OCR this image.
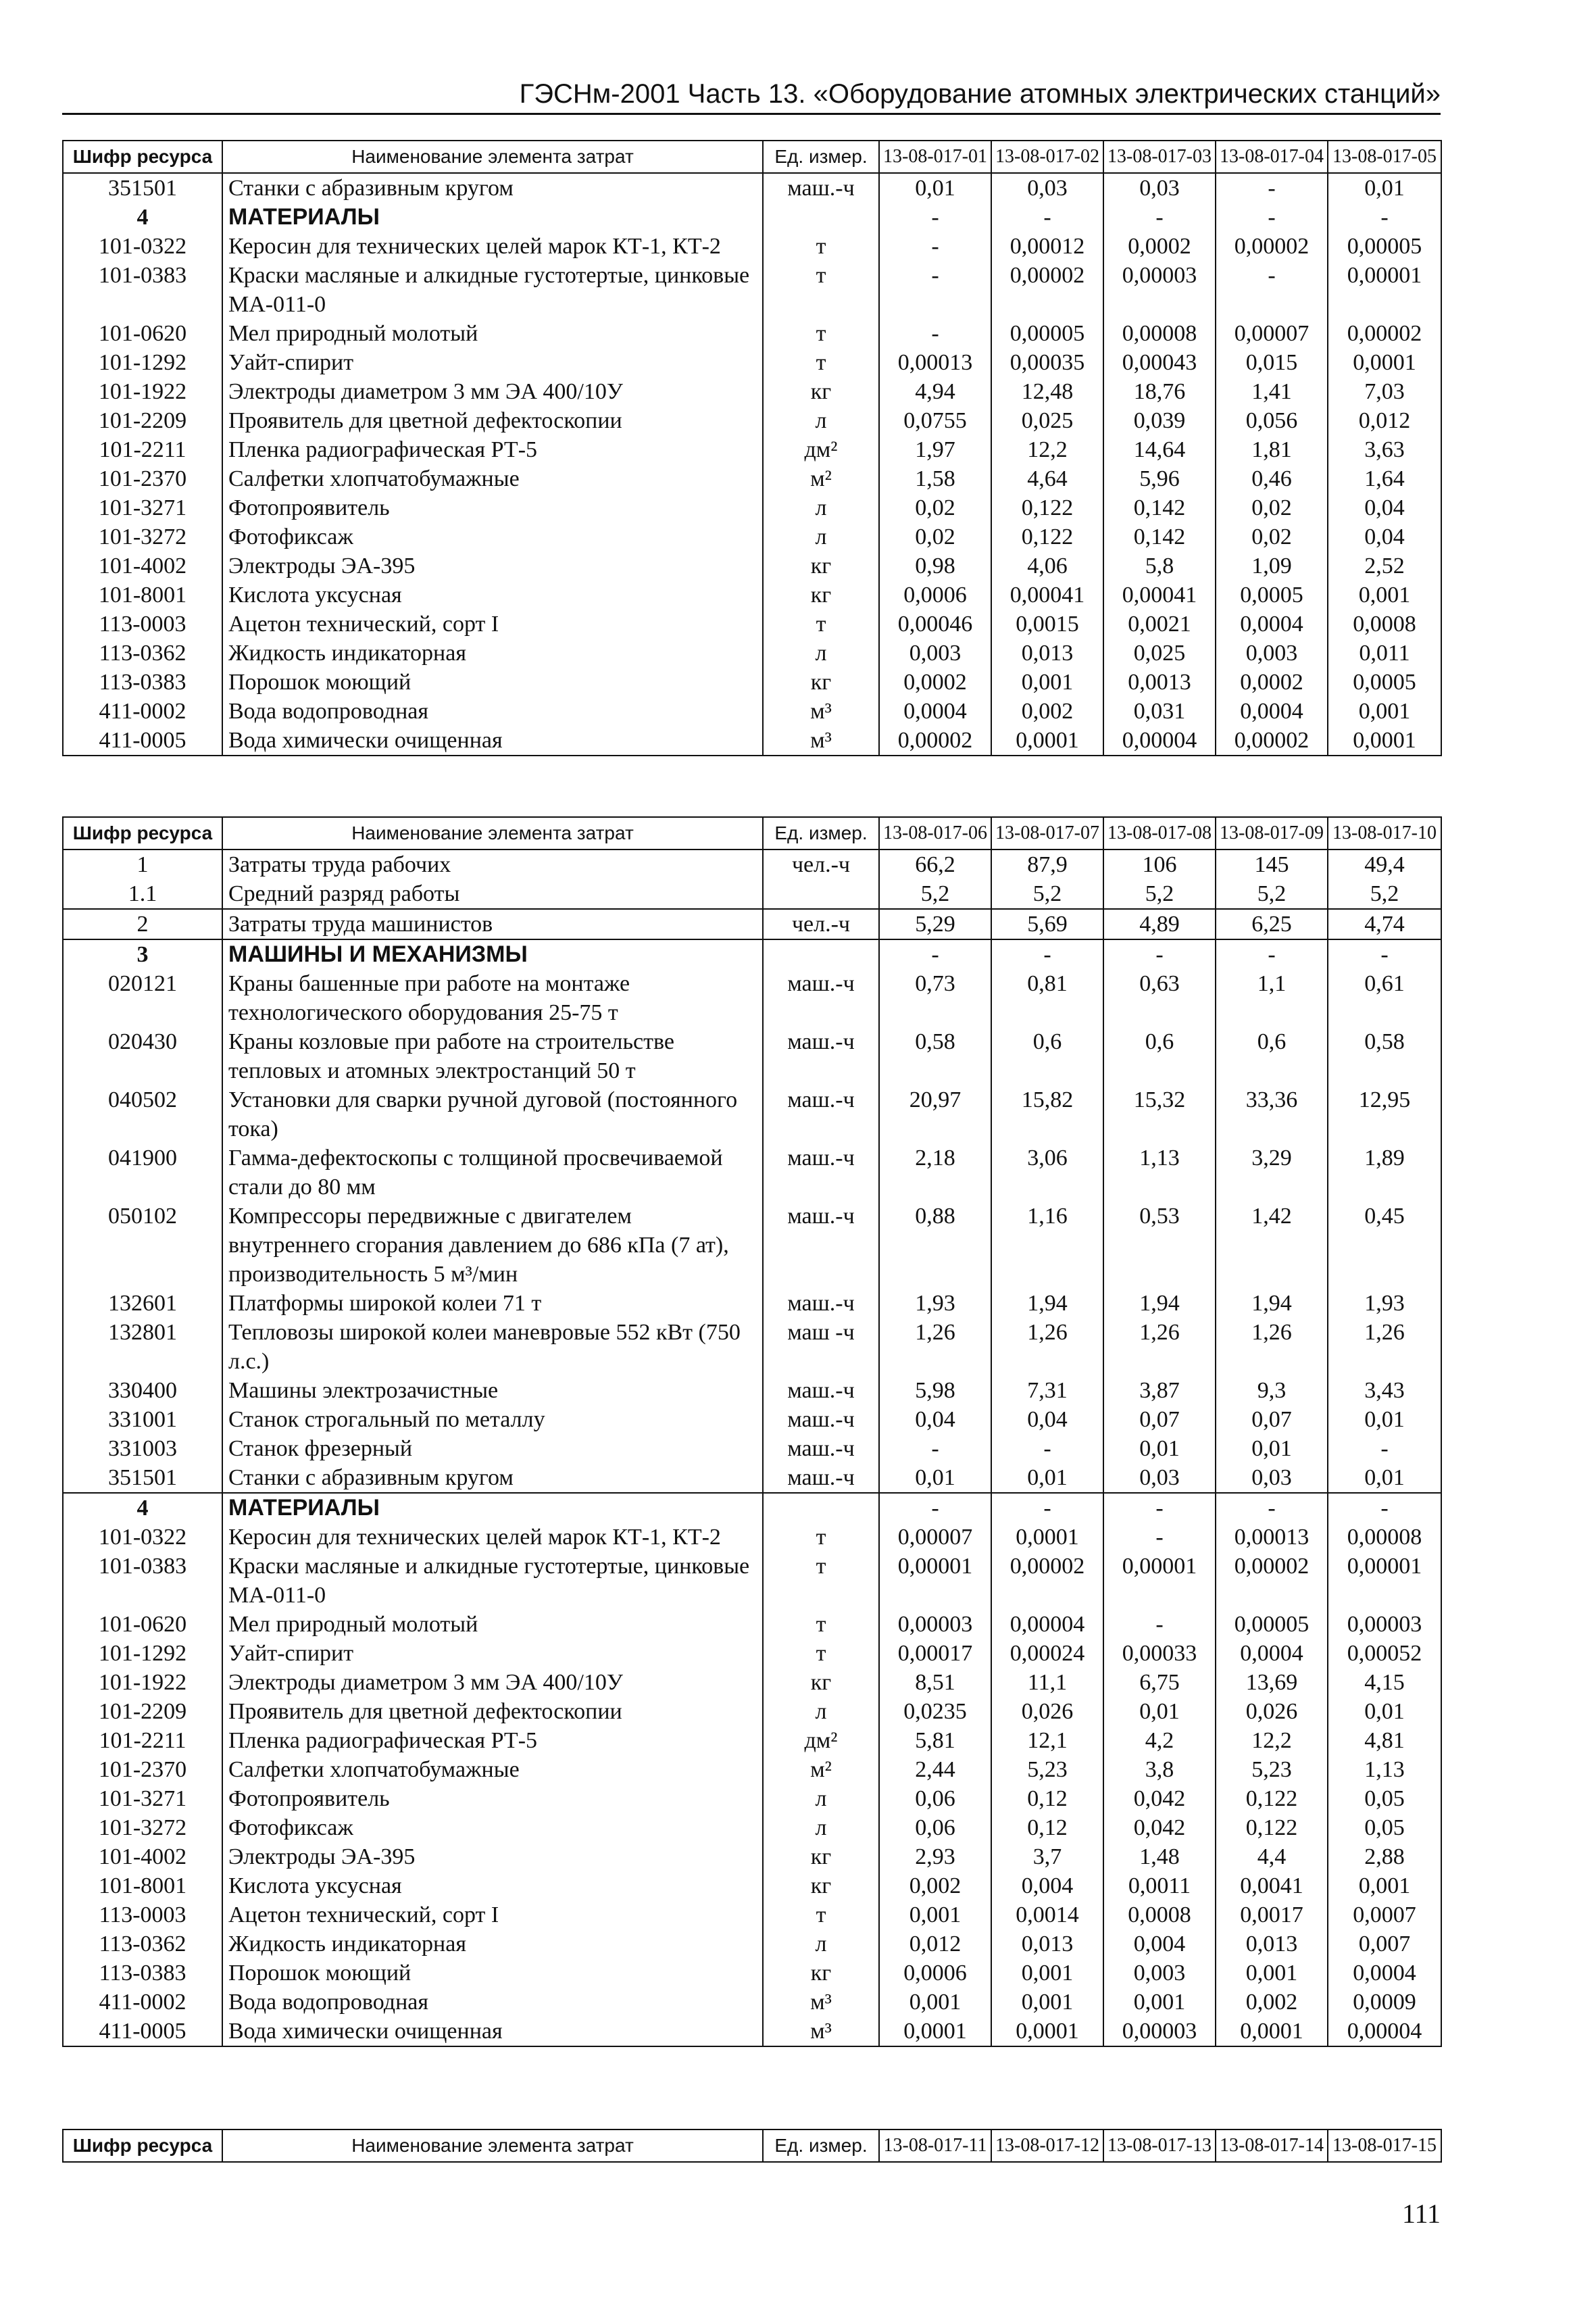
ГЭСНм-2001 Часть 13. «Оборудование атомных электрических станций»
Шифр ресурса	Наименование элемента затрат	Ед. измер.	13-08-017-01	13-08-017-02	13-08-017-03	13-08-017-04	13-08-017-05
351501	Станки с абразивным кругом	маш.-ч	0,01	0,03	0,03	-	0,01
4	МАТЕРИАЛЫ		-	-	-	-	-
101-0322	Керосин для технических целей марок КТ-1, КТ-2	т	-	0,00012	0,0002	0,00002	0,00005
101-0383	Краски масляные и алкидные густотертые, цинковые МА-011-0	т	-	0,00002	0,00003	-	0,00001
101-0620	Мел природный молотый	т	-	0,00005	0,00008	0,00007	0,00002
101-1292	Уайт-спирит	т	0,00013	0,00035	0,00043	0,015	0,0001
101-1922	Электроды диаметром 3 мм ЭА 400/10У	кг	4,94	12,48	18,76	1,41	7,03
101-2209	Проявитель для цветной дефектоскопии	л	0,0755	0,025	0,039	0,056	0,012
101-2211	Пленка радиографическая РТ-5	дм²	1,97	12,2	14,64	1,81	3,63
101-2370	Салфетки хлопчатобумажные	м²	1,58	4,64	5,96	0,46	1,64
101-3271	Фотопроявитель	л	0,02	0,122	0,142	0,02	0,04
101-3272	Фотофиксаж	л	0,02	0,122	0,142	0,02	0,04
101-4002	Электроды ЭА-395	кг	0,98	4,06	5,8	1,09	2,52
101-8001	Кислота уксусная	кг	0,0006	0,00041	0,00041	0,0005	0,001
113-0003	Ацетон технический, сорт I	т	0,00046	0,0015	0,0021	0,0004	0,0008
113-0362	Жидкость индикаторная	л	0,003	0,013	0,025	0,003	0,011
113-0383	Порошок моющий	кг	0,0002	0,001	0,0013	0,0002	0,0005
411-0002	Вода водопроводная	м³	0,0004	0,002	0,031	0,0004	0,001
411-0005	Вода химически очищенная	м³	0,00002	0,0001	0,00004	0,00002	0,0001
Шифр ресурса	Наименование элемента затрат	Ед. измер.	13-08-017-06	13-08-017-07	13-08-017-08	13-08-017-09	13-08-017-10
1	Затраты труда рабочих	чел.-ч	66,2	87,9	106	145	49,4
1.1	Средний разряд работы		5,2	5,2	5,2	5,2	5,2
2	Затраты труда машинистов	чел.-ч	5,29	5,69	4,89	6,25	4,74
3	МАШИНЫ И МЕХАНИЗМЫ		-	-	-	-	-
020121	Краны башенные при работе на монтаже технологического оборудования 25-75 т	маш.-ч	0,73	0,81	0,63	1,1	0,61
020430	Краны козловые при работе на строительстве тепловых и атомных электростанций 50 т	маш.-ч	0,58	0,6	0,6	0,6	0,58
040502	Установки для сварки ручной дуговой (постоянного тока)	маш.-ч	20,97	15,82	15,32	33,36	12,95
041900	Гамма-дефектоскопы с толщиной просвечиваемой стали до 80 мм	маш.-ч	2,18	3,06	1,13	3,29	1,89
050102	Компрессоры передвижные с двигателем внутреннего сгорания давлением до 686 кПа (7 ат), производительность 5 м³/мин	маш.-ч	0,88	1,16	0,53	1,42	0,45
132601	Платформы широкой колеи 71 т	маш.-ч	1,93	1,94	1,94	1,94	1,93
132801	Тепловозы широкой колеи маневровые 552 кВт (750 л.с.)	маш -ч	1,26	1,26	1,26	1,26	1,26
330400	Машины электрозачистные	маш.-ч	5,98	7,31	3,87	9,3	3,43
331001	Станок строгальный по металлу	маш.-ч	0,04	0,04	0,07	0,07	0,01
331003	Станок фрезерный	маш.-ч	-	-	0,01	0,01	-
351501	Станки с абразивным кругом	маш.-ч	0,01	0,01	0,03	0,03	0,01
4	МАТЕРИАЛЫ		-	-	-	-	-
101-0322	Керосин для технических целей марок КТ-1, КТ-2	т	0,00007	0,0001	-	0,00013	0,00008
101-0383	Краски масляные и алкидные густотертые, цинковые МА-011-0	т	0,00001	0,00002	0,00001	0,00002	0,00001
101-0620	Мел природный молотый	т	0,00003	0,00004	-	0,00005	0,00003
101-1292	Уайт-спирит	т	0,00017	0,00024	0,00033	0,0004	0,00052
101-1922	Электроды диаметром 3 мм ЭА 400/10У	кг	8,51	11,1	6,75	13,69	4,15
101-2209	Проявитель для цветной дефектоскопии	л	0,0235	0,026	0,01	0,026	0,01
101-2211	Пленка радиографическая РТ-5	дм²	5,81	12,1	4,2	12,2	4,81
101-2370	Салфетки хлопчатобумажные	м²	2,44	5,23	3,8	5,23	1,13
101-3271	Фотопроявитель	л	0,06	0,12	0,042	0,122	0,05
101-3272	Фотофиксаж	л	0,06	0,12	0,042	0,122	0,05
101-4002	Электроды ЭА-395	кг	2,93	3,7	1,48	4,4	2,88
101-8001	Кислота уксусная	кг	0,002	0,004	0,0011	0,0041	0,001
113-0003	Ацетон технический, сорт I	т	0,001	0,0014	0,0008	0,0017	0,0007
113-0362	Жидкость индикаторная	л	0,012	0,013	0,004	0,013	0,007
113-0383	Порошок моющий	кг	0,0006	0,001	0,003	0,001	0,0004
411-0002	Вода водопроводная	м³	0,001	0,001	0,001	0,002	0,0009
411-0005	Вода химически очищенная	м³	0,0001	0,0001	0,00003	0,0001	0,00004
Шифр ресурса	Наименование элемента затрат	Ед. измер.	13-08-017-11	13-08-017-12	13-08-017-13	13-08-017-14	13-08-017-15
111
